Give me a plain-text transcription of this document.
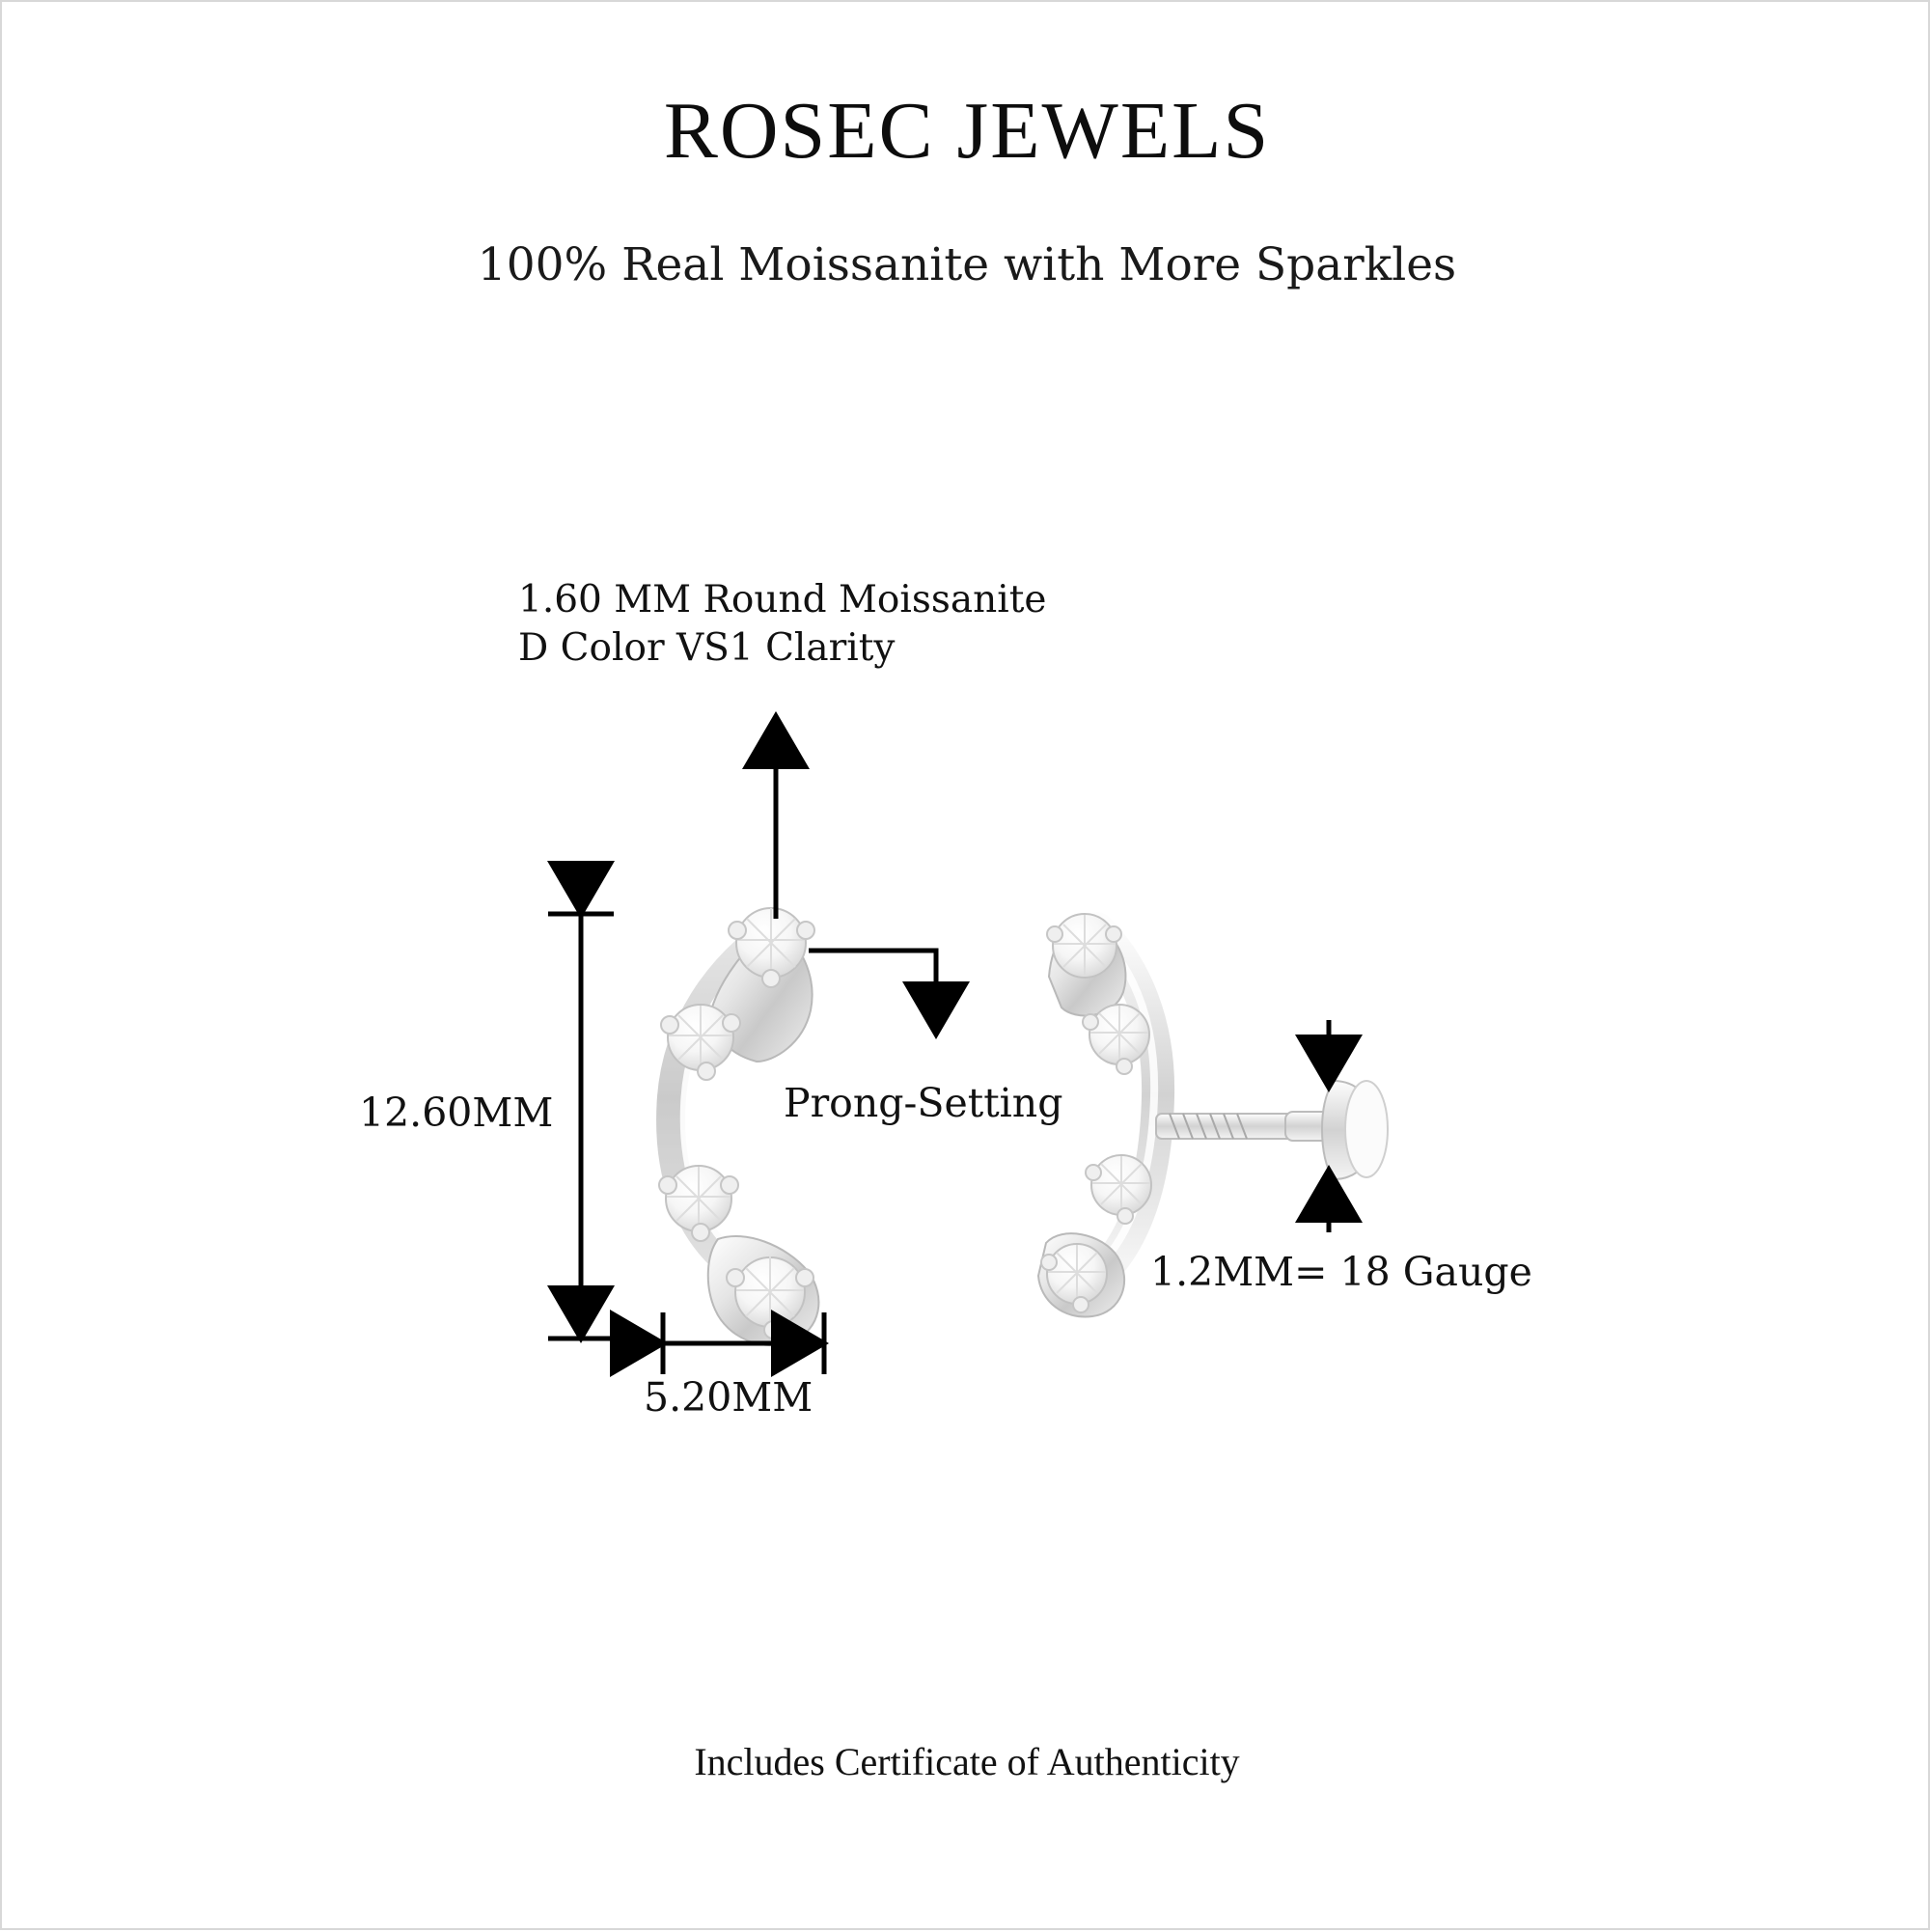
ROSEC JEWELS
100% Real Moissanite with More Sparkles
1.60 MM Round Moissanite
D Color VS1 Clarity
Prong-Setting
12.60MM
5.20MM
1.2MM= 18 Gauge
Includes Certificate of Authenticity
